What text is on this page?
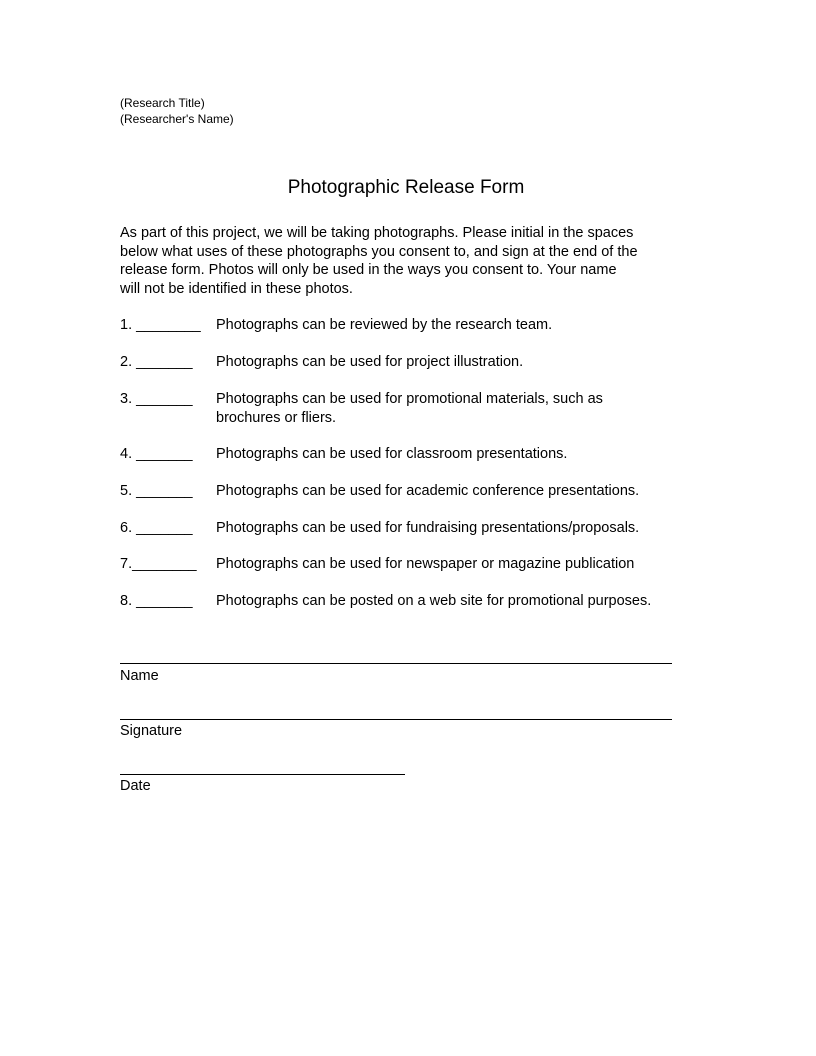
(Research Title)
(Researcher's Name)
Photographic Release Form
As part of this project, we will be taking photographs. Please initial in the spaces
below what uses of these photographs you consent to, and sign at the end of the
release form. Photos will only be used in the ways you consent to. Your name
will not be identified in these photos.
1. ________ Photographs can be reviewed by the research team.
2. _______ Photographs can be used for project illustration.
3. _______ Photographs can be used for promotional materials, such as
brochures or fliers.
4. _______ Photographs can be used for classroom presentations.
5. _______ Photographs can be used for academic conference presentations.
6. _______ Photographs can be used for fundraising presentations/proposals.
7.________ Photographs can be used for newspaper or magazine publication
8. _______ Photographs can be posted on a web site for promotional purposes.
Name
Signature
Date
